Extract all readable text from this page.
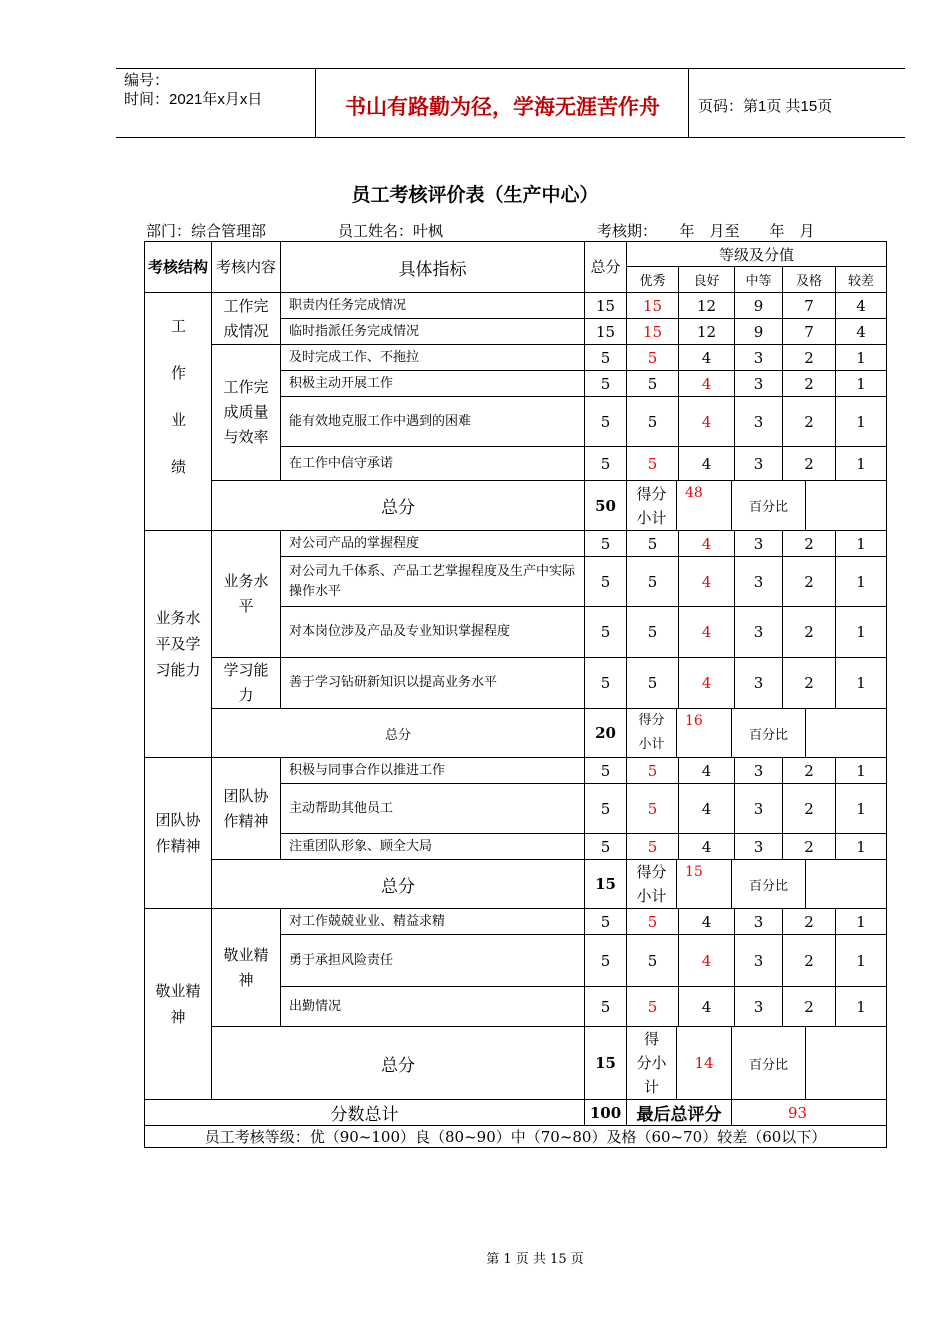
编号：
时间：2021年x月x日	书山有路勤为径，学海无涯苦作舟	页码：第1页 共15页
员工考核评价表（生产中心）
部门：综合管理部	员工姓名：叶枫	考核期：　　年　月至　　年　月
考核结构	考核内容	具体指标	总分	等级及分值							
				优秀		良好		中等	及格		较差
工作业绩	工作完成情况	职责内任务完成情况	15	15		12		9	7		4
		临时指派任务完成情况	15	15		12		9	7		4
	工作完成质量与效率	及时完成工作、不拖拉	5	5		4		3	2		1
		积极主动开展工作	5	5		4		3	2		1
		能有效地克服工作中遇到的困难	5	5		4		3	2		1
		在工作中信守承诺	5	5		4		3	2		1
	总分		50	得分小计	48		百分比				
业务水平及学习能力	业务水平	对公司产品的掌握程度	5	5		4		3	2		1
		对公司九千体系、产品工艺掌握程度及生产中实际操作水平	5	5		4		3	2		1
		对本岗位涉及产品及专业知识掌握程度	5	5		4		3	2		1
	学习能力	善于学习钻研新知识以提高业务水平	5	5		4		3	2		1
	总分		20	得分小计	16		百分比				
团队协作精神	团队协作精神	积极与同事合作以推进工作	5	5		4		3	2		1
		主动帮助其他员工	5	5		4		3	2		1
		注重团队形象、顾全大局	5	5		4		3	2		1
	总分		15	得分小计	15		百分比				
敬业精神	敬业精神	对工作兢兢业业、精益求精	5	5		4		3	2		1
		勇于承担风险责任	5	5		4		3	2		1
		出勤情况	5	5		4		3	2		1
	总分		15	得 分小计	14		百分比				
分数总计			100	最后总评分			93				
员工考核等级：优（90~100）良（80~90）中（70~80）及格（60~70）较差（60以下）											
第 1 页 共 15 页
